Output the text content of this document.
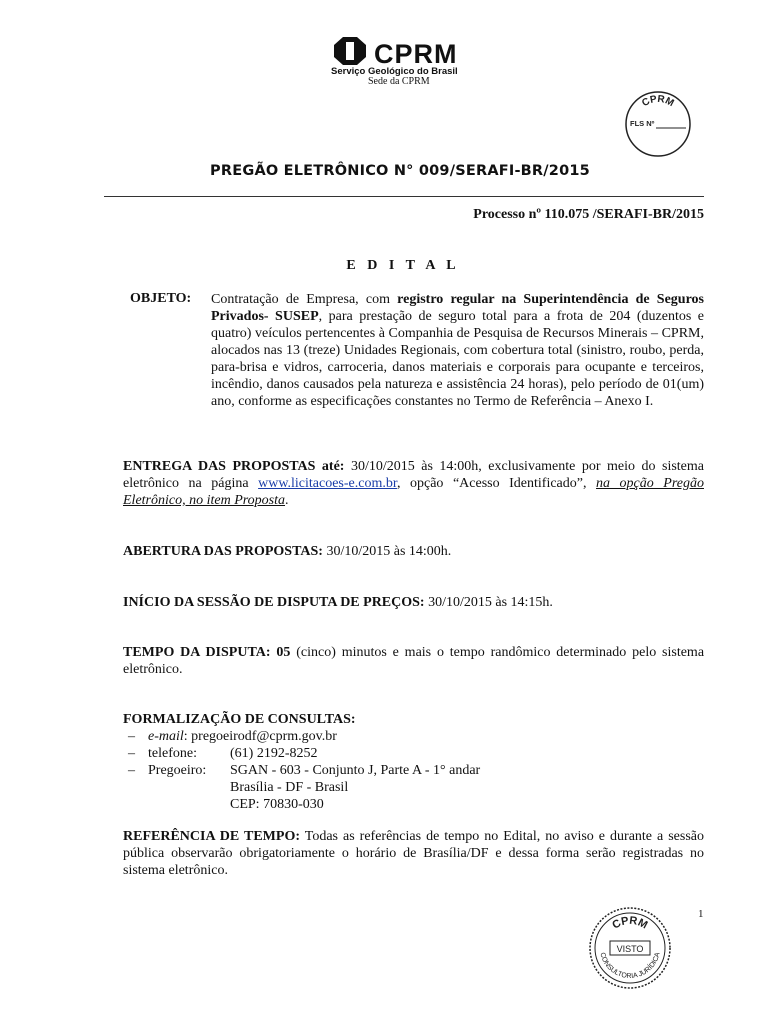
CPRM
Serviço Geológico do Brasil
Sede da CPRM
CPRM
FLS Nº
PREGÃO ELETRÔNICO N° 009/SERAFI-BR/2015
Processo nº 110.075 /SERAFI-BR/2015
E D I T A L
OBJETO: Contratação de Empresa, com registro regular na Superintendência de Seguros Privados- SUSEP, para prestação de seguro total para a frota de 204 (duzentos e quatro) veículos pertencentes à Companhia de Pesquisa de Recursos Minerais – CPRM, alocados nas 13 (treze) Unidades Regionais, com cobertura total (sinistro, roubo, perda, para-brisa e vidros, carroceria, danos materiais e corporais para ocupante e terceiros, incêndio, danos causados pela natureza e assistência 24 horas), pelo período de 01(um) ano, conforme as especificações constantes no Termo de Referência – Anexo I.
ENTREGA DAS PROPOSTAS até: 30/10/2015 às 14:00h, exclusivamente por meio do sistema eletrônico na página www.licitacoes-e.com.br, opção “Acesso Identificado”, na opção Pregão Eletrônico, no item Proposta.
ABERTURA DAS PROPOSTAS: 30/10/2015 às 14:00h.
INÍCIO DA SESSÃO DE DISPUTA DE PREÇOS: 30/10/2015 às 14:15h.
TEMPO DA DISPUTA: 05 (cinco) minutos e mais o tempo randômico determinado pelo sistema eletrônico.
FORMALIZAÇÃO DE CONSULTAS:
– e-mail: pregoeirodf@cprm.gov.br
– telefone: (61) 2192-8252
– Pregoeiro: SGAN - 603 - Conjunto J, Parte A - 1° andar
Brasília - DF - Brasil
CEP: 70830-030
REFERÊNCIA DE TEMPO: Todas as referências de tempo no Edital, no aviso e durante a sessão pública observarão obrigatoriamente o horário de Brasília/DF e dessa forma serão registradas no sistema eletrônico.
1
CPRM
VISTO
CONSULTORIA JURÍDICA
